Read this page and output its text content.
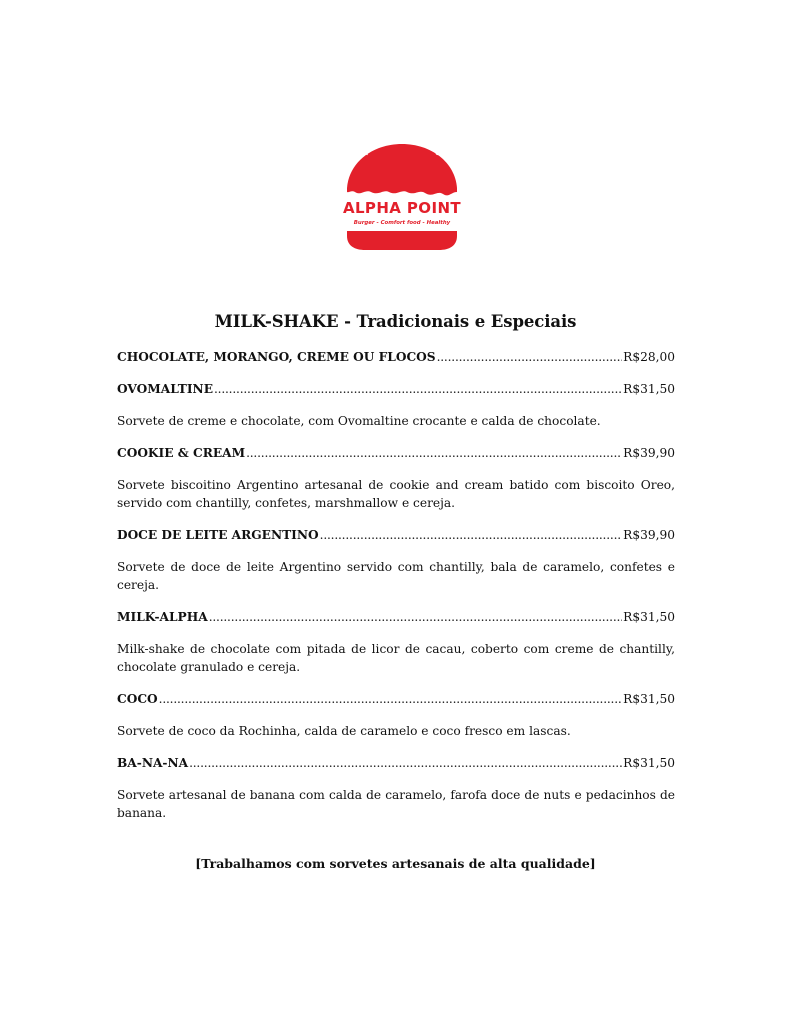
TASTY SINCE 2000
ALPHA POINT
Burger - Comfort food - Healthy
MILK-SHAKE - Tradicionais e Especiais
CHOCOLATE, MORANGO, CREME OU FLOCOS .....	R$28,00
OVOMALTINE .....	R$31,50
Sorvete de creme e chocolate, com Ovomaltine crocante e calda de chocolate.
COOKIE & CREAM .....	R$39,90
Sorvete biscoitino Argentino artesanal de cookie and cream batido com biscoito Oreo, servido com chantilly, confetes, marshmallow e cereja.
DOCE DE LEITE ARGENTINO .....	R$39,90
Sorvete de doce de leite Argentino servido com chantilly, bala de caramelo, confetes e cereja.
MILK-ALPHA .....	R$31,50
Milk-shake de chocolate com pitada de licor de cacau, coberto com creme de chantilly, chocolate granulado e cereja.
COCO .....	R$31,50
Sorvete de coco da Rochinha, calda de caramelo e coco fresco em lascas.
BA-NA-NA .....	R$31,50
Sorvete artesanal de banana com calda de caramelo, farofa doce de nuts e pedacinhos de banana.
[Trabalhamos com sorvetes artesanais de alta qualidade]
